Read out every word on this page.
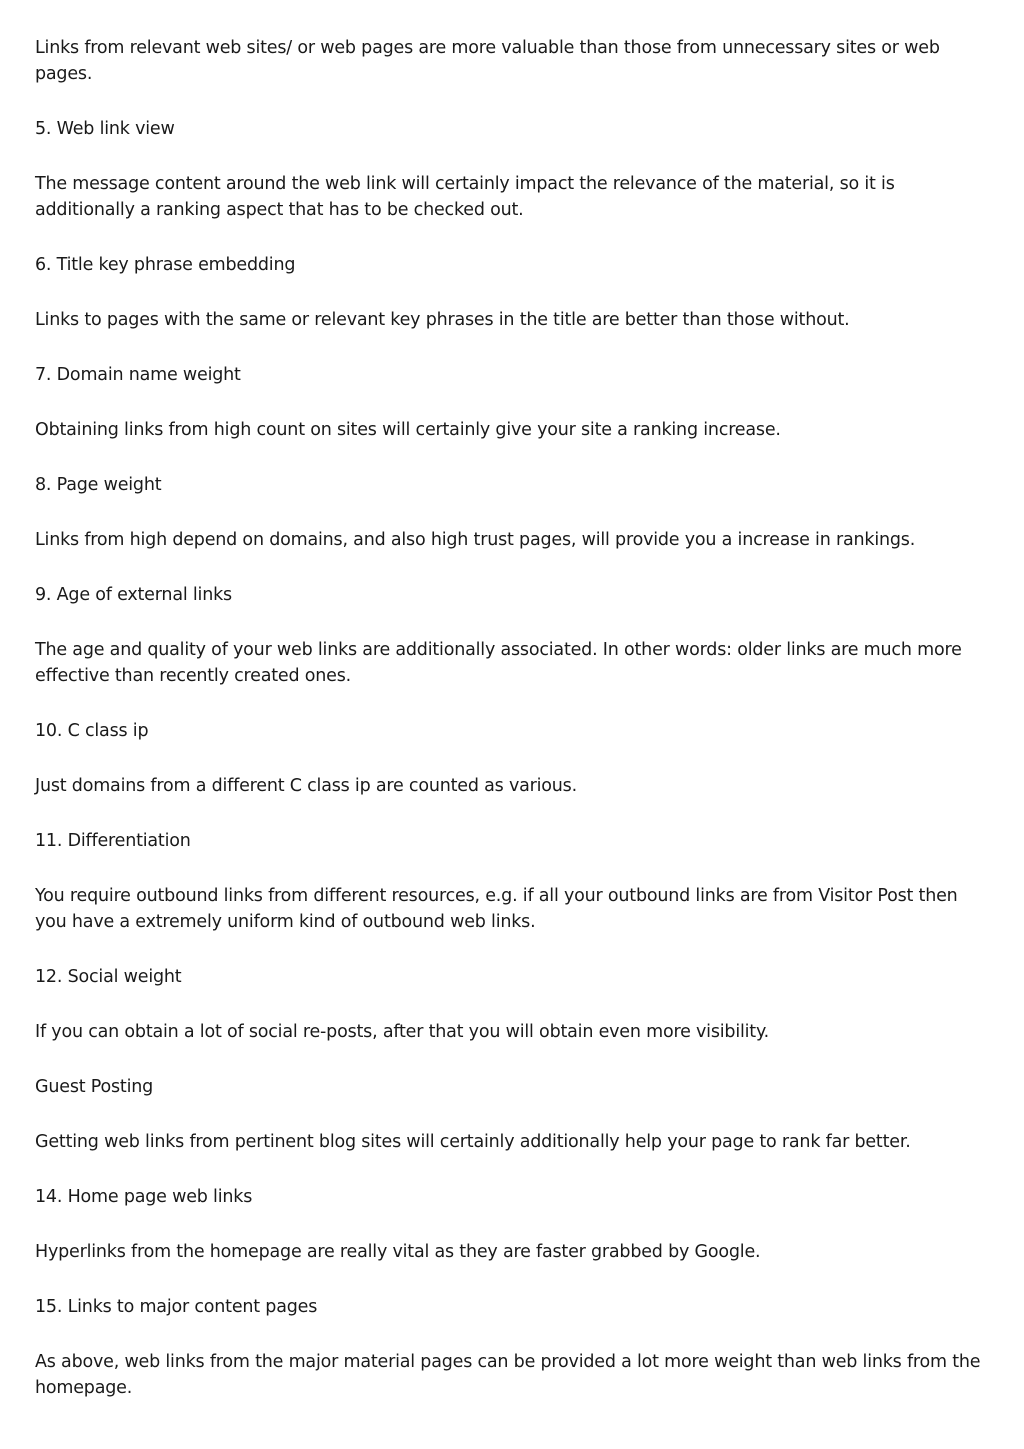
Links from relevant web sites/ or web pages are more valuable than those from unnecessary sites or web pages.

5. Web link view

The message content around the web link will certainly impact the relevance of the material, so it is additionally a ranking aspect that has to be checked out.

6. Title key phrase embedding

Links to pages with the same or relevant key phrases in the title are better than those without.

7. Domain name weight

Obtaining links from high count on sites will certainly give your site a ranking increase.

8. Page weight

Links from high depend on domains, and also high trust pages, will provide you a increase in rankings.

9. Age of external links

The age and quality of your web links are additionally associated. In other words: older links are much more effective than recently created ones.

10. C class ip

Just domains from a different C class ip are counted as various.

11. Differentiation

You require outbound links from different resources, e.g. if all your outbound links are from Visitor Post then you have a extremely uniform kind of outbound web links.

12. Social weight

If you can obtain a lot of social re-posts, after that you will obtain even more visibility.

Guest Posting

Getting web links from pertinent blog sites will certainly additionally help your page to rank far better.

14. Home page web links

Hyperlinks from the homepage are really vital as they are faster grabbed by Google.

15. Links to major content pages

As above, web links from the major material pages can be provided a lot more weight than web links from the homepage.
